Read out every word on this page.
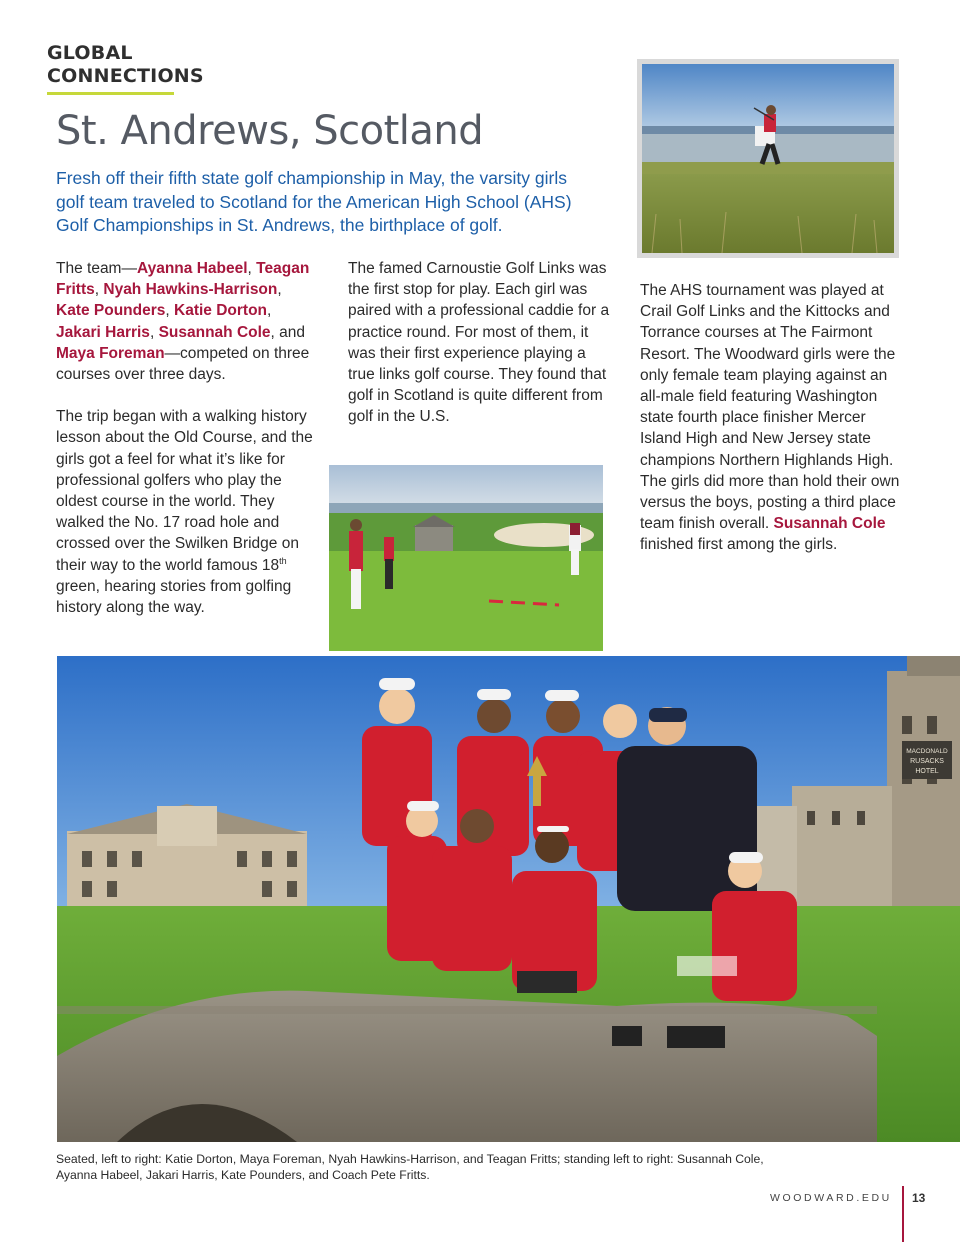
GLOBAL
CONNECTIONS
St. Andrews, Scotland

Fresh off their fifth state golf championship in May, the varsity girls golf team traveled to Scotland for the American High School (AHS) Golf Championships in St. Andrews, the birthplace of golf.

The team—Ayanna Habeel, Teagan Fritts, Nyah Hawkins-Harrison, Kate Pounders, Katie Dorton, Jakari Harris, Susannah Cole, and Maya Foreman—competed on three courses over three days.

The trip began with a walking history lesson about the Old Course, and the girls got a feel for what it’s like for professional golfers who play the oldest course in the world. They walked the No. 17 road hole and crossed over the Swilken Bridge on their way to the world famous 18th green, hearing stories from golfing history along the way.

The famed Carnoustie Golf Links was the first stop for play. Each girl was paired with a professional caddie for a practice round. For most of them, it was their first experience playing a true links golf course. They found that golf in Scotland is quite different from golf in the U.S.

The AHS tournament was played at Crail Golf Links and the Kittocks and Torrance courses at The Fairmont Resort. The Woodward girls were the only female team playing against an all-male field featuring Washington state fourth place finisher Mercer Island High and New Jersey state champions Northern Highlands High. The girls did more than hold their own versus the boys, posting a third place team finish overall. Susannah Cole finished first among the girls.

MACDONALD
RUSACKS
HOTEL

Seated, left to right: Katie Dorton, Maya Foreman, Nyah Hawkins-Harrison, and Teagan Fritts; standing left to right: Susannah Cole, Ayanna Habeel, Jakari Harris, Kate Pounders, and Coach Pete Fritts.

WOODWARD.EDU 13
